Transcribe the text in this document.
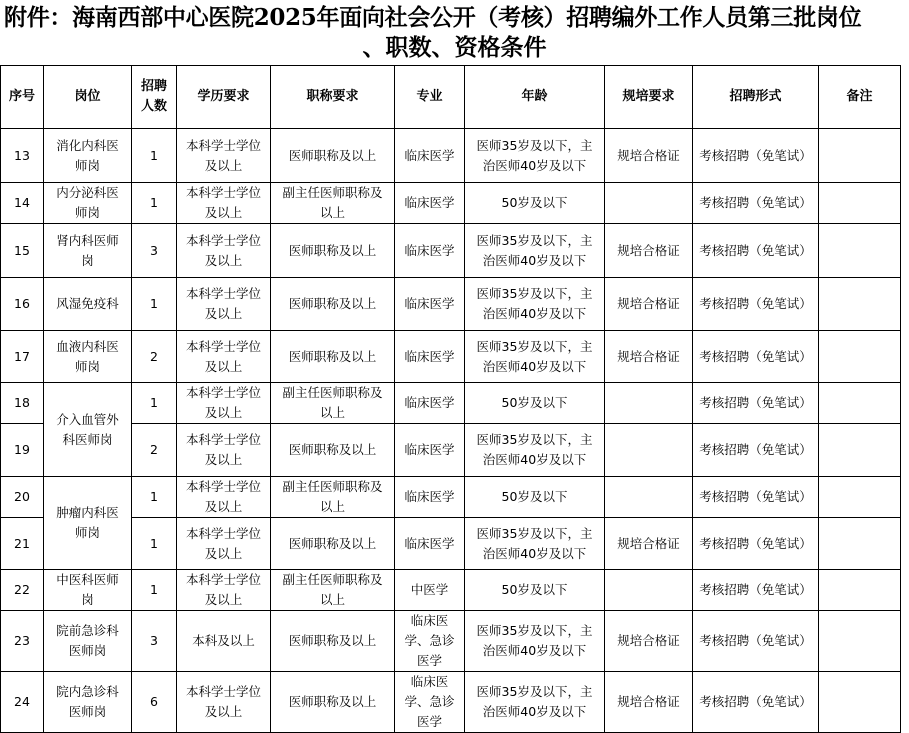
附件：海南西部中心医院2025年面向社会公开（考核）招聘编外工作人员第三批岗位
、职数、资格条件
序号	岗位	招聘人数	学历要求	职称要求	专业	年龄	规培要求	招聘形式	备注

13	消化内科医师岗	1	本科学士学位及以上	医师职称及以上	临床医学	医师35岁及以下，主治医师40岁及以下	规培合格证	考核招聘（免笔试）	

14	内分泌科医师岗	1	本科学士学位及以上	副主任医师职称及以上	临床医学	50岁及以下		考核招聘（免笔试）	

15	肾内科医师岗	3	本科学士学位及以上	医师职称及以上	临床医学	医师35岁及以下，主治医师40岁及以下	规培合格证	考核招聘（免笔试）	

16	风湿免疫科	1	本科学士学位及以上	医师职称及以上	临床医学	医师35岁及以下，主治医师40岁及以下	规培合格证	考核招聘（免笔试）	

17	血液内科医师岗	2	本科学士学位及以上	医师职称及以上	临床医学	医师35岁及以下，主治医师40岁及以下	规培合格证	考核招聘（免笔试）	

18	介入血管外科医师岗	1	本科学士学位及以上	副主任医师职称及以上	临床医学	50岁及以下		考核招聘（免笔试）	

19		2	本科学士学位及以上	医师职称及以上	临床医学	医师35岁及以下，主治医师40岁及以下		考核招聘（免笔试）	

20	肿瘤内科医师岗	1	本科学士学位及以上	副主任医师职称及以上	临床医学	50岁及以下		考核招聘（免笔试）	

21		1	本科学士学位及以上	医师职称及以上	临床医学	医师35岁及以下，主治医师40岁及以下	规培合格证	考核招聘（免笔试）	

22	中医科医师岗	1	本科学士学位及以上	副主任医师职称及以上	中医学	50岁及以下		考核招聘（免笔试）	

23	院前急诊科医师岗	3	本科及以上	医师职称及以上	临床医学、急诊医学	医师35岁及以下，主治医师40岁及以下	规培合格证	考核招聘（免笔试）	

24	院内急诊科医师岗	6	本科学士学位及以上	医师职称及以上	临床医学、急诊医学	医师35岁及以下，主治医师40岁及以下	规培合格证	考核招聘（免笔试）	
